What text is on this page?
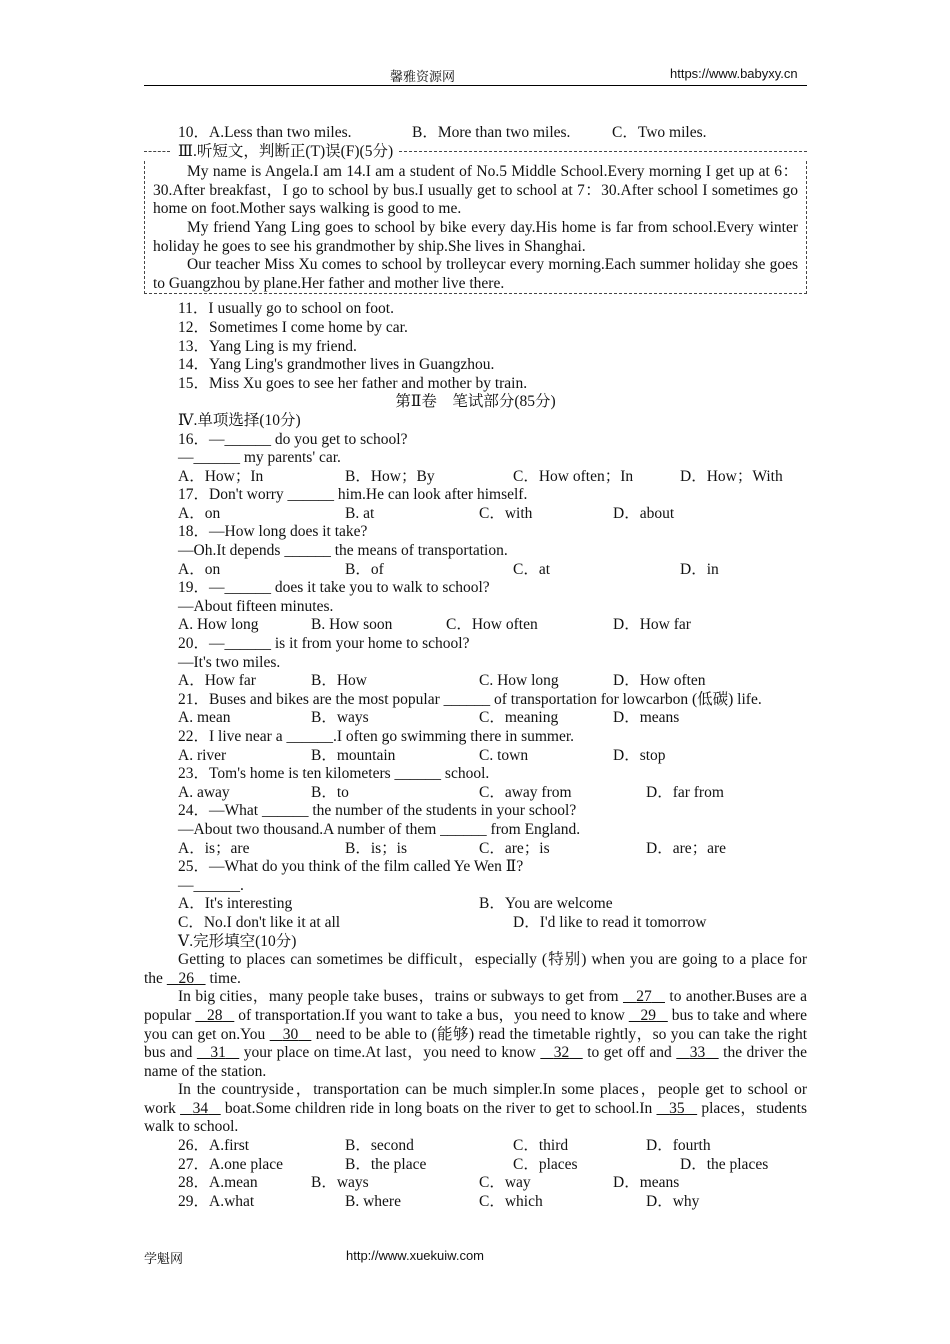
馨雅资源网	https://www.babyxy.cn
10．A.Less than two miles.	B．More than two miles.	C．Two miles.
Ⅲ.听短文，判断正(T)误(F)(5分)

My name is Angela.I am 14.I am a student of No.5 Middle School.Every morning I get up at 6：30.After breakfast，I go to school by bus.I usually get to school at 7：30.After school I sometimes go home on foot.Mother says walking is good to me.

My friend Yang Ling goes to school by bike every day.His home is far from school.Every winter holiday he goes to see his grandmother by ship.She lives in Shanghai.

Our teacher Miss Xu comes to school by trolleycar every morning.Each summer holiday she goes to Guangzhou by plane.Her father and mother live there.

11．I usually go to school on foot.
12．Sometimes I come home by car.
13．Yang Ling is my friend.
14．Yang Ling's grandmother lives in Guangzhou.
15．Miss Xu goes to see her father and mother by train.
第Ⅱ卷　笔试部分(85分)
Ⅳ.单项选择(10分)
16．—______ do you get to school?
—______ my parents' car.
A．How；In	B．How；By	C．How often；In	D．How；With
17．Don't worry ______ him.He can look after himself.
A．on	B. at	C．with	D．about
18．—How long does it take?
—Oh.It depends ______ the means of transportation.
A．on	B．of	C．at	D．in
19．—______ does it take you to walk to school?
—About fifteen minutes.
A. How long	B. How soon	C．How often	D．How far
20．—______ is it from your home to school?
—It's two miles.
A．How far	B．How	C. How long	D．How often
21．Buses and bikes are the most popular ______ of transportation for lowcarbon (低碳) life.
A. mean	B．ways	C．meaning	D．means
22．I live near a ______.I often go swimming there in summer.
A. river	B．mountain	C. town	D．stop
23．Tom's home is ten kilometers ______ school.
A. away	B．to	C．away from	D．far from
24．—What ______ the number of the students in your school?
—About two thousand.A number of them ______ from England.
A．is；are	B．is；is	C．are；is	D．are；are
25．—What do you think of the film called Ye Wen Ⅱ?
—______.
A．It's interesting	B．You are welcome
C．No.I don't like it at all	D．I'd like to read it tomorrow
Ⅴ.完形填空(10分)
Getting to places can sometimes be difficult，especially (特别) when you are going to a place for the    26    time.
In big cities，many people take buses，trains or subways to get from    27    to another.Buses are a popular    28    of transportation.If you want to take a bus，you need to know    29    bus to take and where you can get on.You    30    need to be able to (能够) read the timetable rightly，so you can take the right bus and    31    your place on time.At last，you need to know    32    to get off and    33    the driver the name of the station.
In the countryside，transportation can be much simpler.In some places，people get to school or work    34    boat.Some children ride in long boats on the river to get to school.In    35    places，students walk to school.
26．A.first	B．second	C．third	D．fourth
27．A.one place	B．the place	C．places	D．the places
28．A.mean	B．ways	C．way	D．means
29．A.what	B. where	C．which	D．why
学魁网	http://www.xuekuiw.com
